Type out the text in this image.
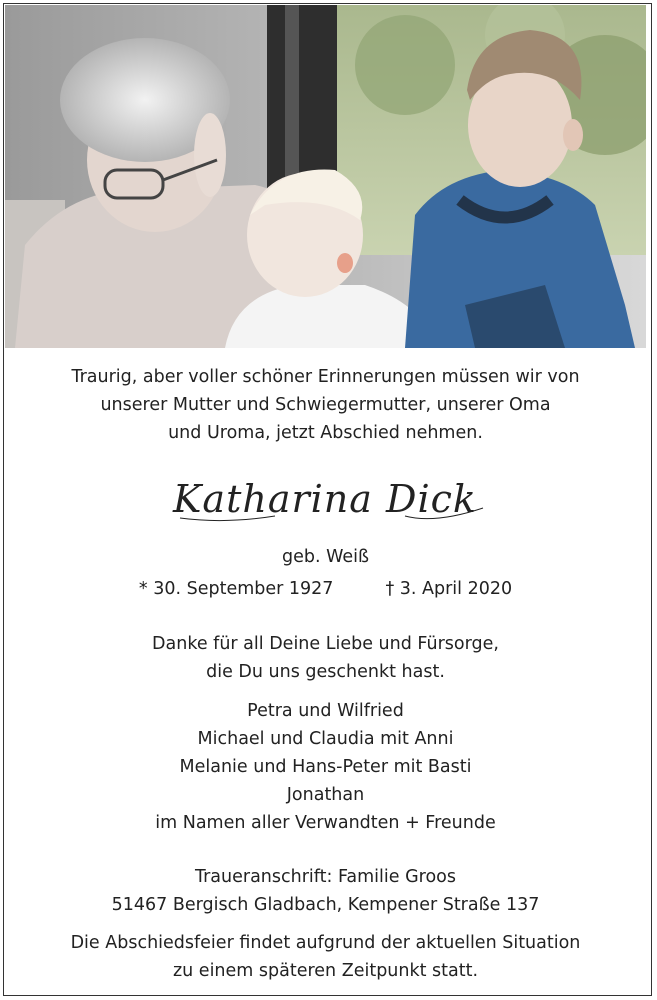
Traurig, aber voller schöner Erinnerungen müssen wir von
unserer Mutter und Schwiegermutter, unserer Oma
und Uroma, jetzt Abschied nehmen.
Katharina Dick
geb. Weiß
* 30. September 1927	† 3. April 2020
Danke für all Deine Liebe und Fürsorge,
die Du uns geschenkt hast.
Petra und Wilfried
Michael und Claudia mit Anni
Melanie und Hans-Peter mit Basti
Jonathan
im Namen aller Verwandten + Freunde
Traueranschrift: Familie Groos
51467 Bergisch Gladbach, Kempener Straße 137
Die Abschiedsfeier findet aufgrund der aktuellen Situation
zu einem späteren Zeitpunkt statt.
